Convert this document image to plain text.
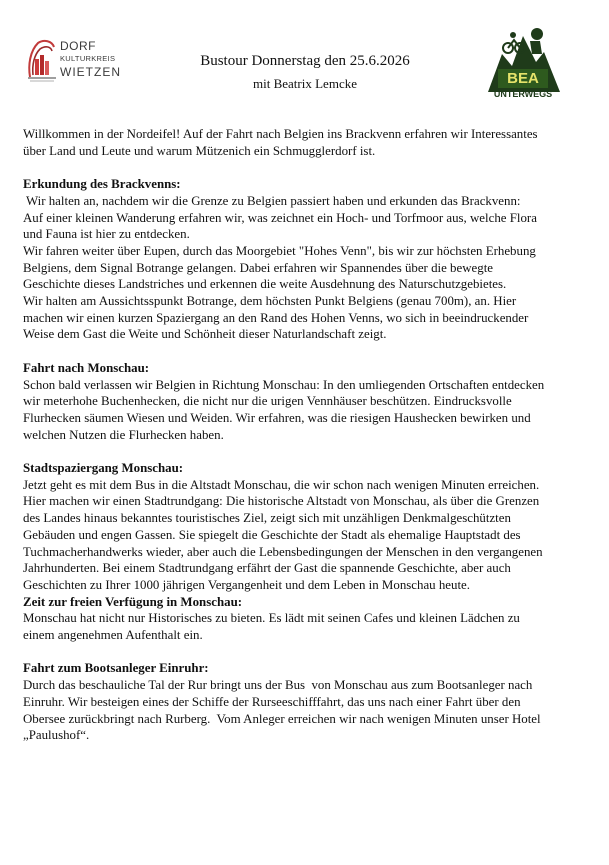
DORF
KULTURKREIS
WIETZEN
Bustour Donnerstag den 25.6.2026
mit Beatrix Lemcke	BEA
UNTERWEGS

Willkommen in der Nordeifel! Auf der Fahrt nach Belgien ins Brackvenn erfahren wir Interessantes

über Land und Leute und warum Mützenich ein Schmugglerdorf ist.

Erkundung des Brackvenns:

Wir halten an, nachdem wir die Grenze zu Belgien passiert haben und erkunden das Brackvenn:

Auf einer kleinen Wanderung erfahren wir, was zeichnet ein Hoch- und Torfmoor aus, welche Flora

und Fauna ist hier zu entdecken.

Wir fahren weiter über Eupen, durch das Moorgebiet "Hohes Venn", bis wir zur höchsten Erhebung

Belgiens, dem Signal Botrange gelangen. Dabei erfahren wir Spannendes über die bewegte

Geschichte dieses Landstriches und erkennen die weite Ausdehnung des Naturschutzgebietes.

Wir halten am Aussichtsspunkt Botrange, dem höchsten Punkt Belgiens (genau 700m), an. Hier

machen wir einen kurzen Spaziergang an den Rand des Hohen Venns, wo sich in beeindruckender

Weise dem Gast die Weite und Schönheit dieser Naturlandschaft zeigt.

Fahrt nach Monschau:

Schon bald verlassen wir Belgien in Richtung Monschau: In den umliegenden Ortschaften entdecken

wir meterhohe Buchenhecken, die nicht nur die urigen Vennhäuser beschützen. Eindrucksvolle

Flurhecken säumen Wiesen und Weiden. Wir erfahren, was die riesigen Haushecken bewirken und

welchen Nutzen die Flurhecken haben.

Stadtspaziergang Monschau:

Jetzt geht es mit dem Bus in die Altstadt Monschau, die wir schon nach wenigen Minuten erreichen.

Hier machen wir einen Stadtrundgang: Die historische Altstadt von Monschau, als über die Grenzen

des Landes hinaus bekanntes touristisches Ziel, zeigt sich mit unzähligen Denkmalgeschützten

Gebäuden und engen Gassen. Sie spiegelt die Geschichte der Stadt als ehemalige Hauptstadt des

Tuchmacherhandwerks wieder, aber auch die Lebensbedingungen der Menschen in den vergangenen

Jahrhunderten. Bei einem Stadtrundgang erfährt der Gast die spannende Geschichte, aber auch

Geschichten zu Ihrer 1000 jährigen Vergangenheit und dem Leben in Monschau heute.

Zeit zur freien Verfügung in Monschau:

Monschau hat nicht nur Historisches zu bieten. Es lädt mit seinen Cafes und kleinen Lädchen zu

einem angenehmen Aufenthalt ein.

Fahrt zum Bootsanleger Einruhr:

Durch das beschauliche Tal der Rur bringt uns der Bus  von Monschau aus zum Bootsanleger nach

Einruhr. Wir besteigen eines der Schiffe der Rurseeschifffahrt, das uns nach einer Fahrt über den

Obersee zurückbringt nach Rurberg.  Vom Anleger erreichen wir nach wenigen Minuten unser Hotel

„Paulushof“.
